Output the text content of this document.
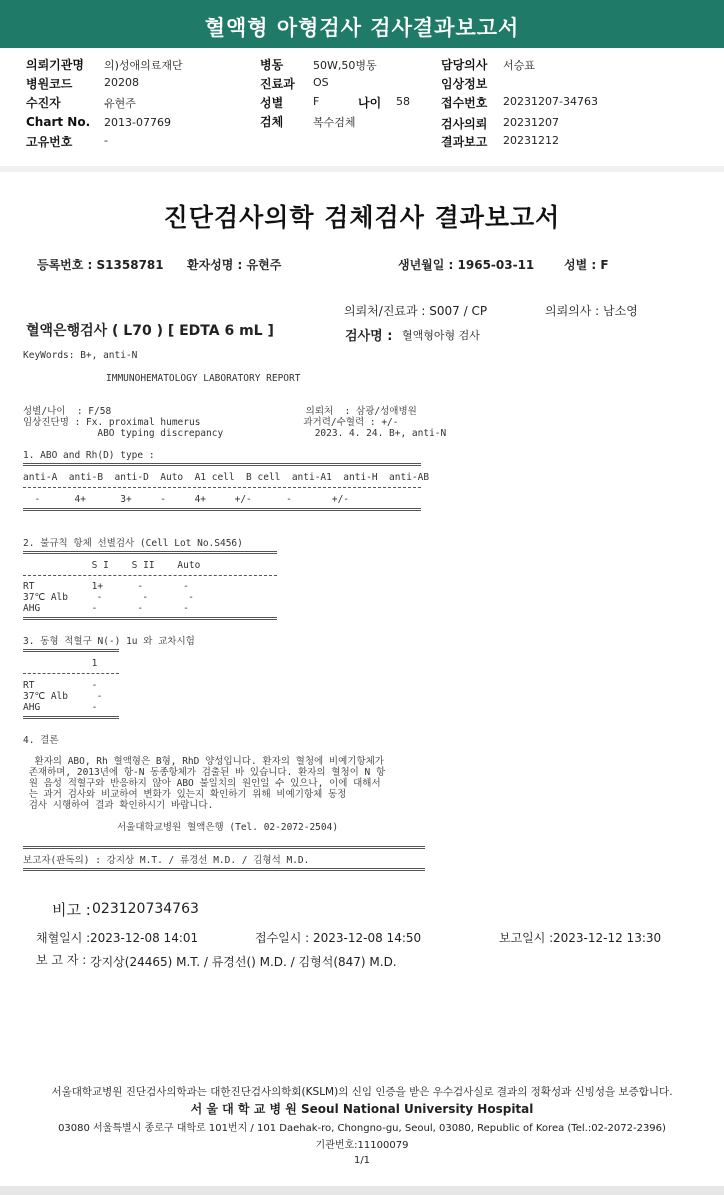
혈액형 아형검사 검사결과보고서
의뢰기관명 의)성애의료재단
병원코드	20208
수진자	유현주
Chart No. 2013-07769
고유번호	-
병동	50W,50병동
진료과 OS
성별	F	나이 58
검체	복수검체
담당의사 서승표
임상정보
접수번호 20231207-34763
검사의뢰 20231207
결과보고 20231212
진단검사의학 검체검사 결과보고서
등록번호 : S1358781 환자성명 : 유현주	생년월일 : 1965-03-11 성별 : F
의뢰처/진료과 : S007 / CP	의뢰의사 : 남소영
혈액은행검사 ( L70 ) [ EDTA 6 mL ]	검사명 : 혈액형아형 검사
KeyWords: B+, anti-N
IMMUNOHEMATOLOGY LABORATORY REPORT
성별/나이  : F/58                                  의뢰처  : 삼광/성애병원
임상진단명 : Fx. proximal humerus                  과거력/수혈력 : +/-
ABO typing discrepancy                2023. 4. 24. B+, anti-N
1. ABO and Rh(D) type :
anti-A  anti-B  anti-D  Auto  A1 cell  B cell  anti-A1  anti-H  anti-AB
-      4+      3+     -     4+     +/-      -       +/-
2. 불규칙 항체 선별검사 (Cell Lot No.S456)
S I    S II    Auto
RT          1+      -       -
37℃ Alb     -       -       -
AHG         -       -       -
3. 동형 적혈구 N(-) 1u 와 교차시험
1
RT          -
37℃ Alb     -
AHG         -
4. 결론
환자의 ABO, Rh 혈액형은 B형, RhD 양성입니다. 환자의 혈청에 비예기항체가
존재하며, 2013년에 항-N 동종항체가 검출된 바 있습니다. 환자의 혈청이 N 항
원 음성 적혈구와 반응하지 않아 ABO 불일치의 원인일 수 있으나, 이에 대해서
는 과거 검사와 비교하여 변화가 있는지 확인하기 위해 비예기항체 동정
검사 시행하여 결과 확인하시기 바랍니다.
서울대학교병원 혈액은행 (Tel. 02-2072-2504)
보고자(판독의) : 강지상 M.T. / 류경선 M.D. / 김형석 M.D.
비고 : 023120734763
채혈일시 : 2023-12-08 14:01	접수일시 : 2023-12-08 14:50	보고일시 : 2023-12-12 13:30
보 고 자 : 강지상(24465) M.T. / 류경선() M.D. / 김형석(847) M.D.
서울대학교병원 진단검사의학과는 대한진단검사의학회(KSLM)의 신임 인증을 받은 우수검사실로 결과의 정확성과 신빙성을 보증합니다.
서 울 대 학 교 병 원 Seoul National University Hospital
03080 서울특별시 종로구 대학로 101번지 / 101 Daehak-ro, Chongno-gu, Seoul, 03080, Republic of Korea (Tel.:02-2072-2396)
기관번호:11100079
1/1
